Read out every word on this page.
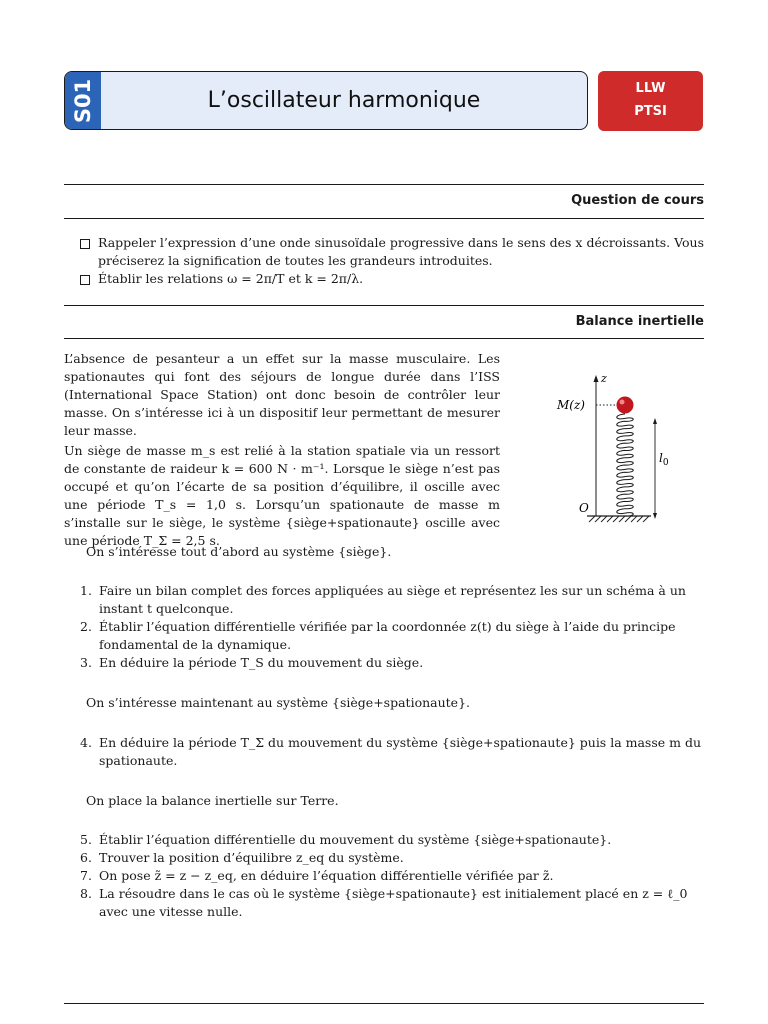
S01	L’oscillateur harmonique	LLW
PTSI
Question de cours
Rappeler l’expression d’une onde sinusoïdale progressive dans le sens des x décroissants. Vous préciserez la signification de toutes les grandeurs introduites.
Établir les relations ω = 2π/T et k = 2π/λ.
Balance inertielle
L’absence de pesanteur a un effet sur la masse musculaire. Les spationautes qui font des séjours de longue durée dans l’ISS (International Space Station) ont donc besoin de contrôler leur masse. On s’intéresse ici à un dispositif leur permettant de mesurer leur masse.
Un siège de masse m_s est relié à la station spatiale via un ressort de constante de raideur k = 600 N · m⁻¹. Lorsque le siège n’est pas occupé et qu’on l’écarte de sa position d’équilibre, il oscille avec une période T_s = 1,0 s. Lorsqu’un spationaute de masse m s’installe sur le siège, le système {siège+spationaute} oscille avec une période T_Σ = 2,5 s.
z
M(z)
$l_0$
O
On s’intéresse tout d’abord au système {siège}.
1. Faire un bilan complet des forces appliquées au siège et représentez les sur un schéma à un instant t quelconque.
2. Établir l’équation différentielle vérifiée par la coordonnée z(t) du siège à l’aide du principe fondamental de la dynamique.
3. En déduire la période T_S du mouvement du siège.
On s’intéresse maintenant au système {siège+spationaute}.
4. En déduire la période T_Σ du mouvement du système {siège+spationaute} puis la masse m du spationaute.
On place la balance inertielle sur Terre.
5. Établir l’équation différentielle du mouvement du système {siège+spationaute}.
6. Trouver la position d’équilibre z_eq du système.
7. On pose z̃ = z − z_eq, en déduire l’équation différentielle vérifiée par z̃.
8. La résoudre dans le cas où le système {siège+spationaute} est initialement placé en z = ℓ_0 avec une vitesse nulle.
